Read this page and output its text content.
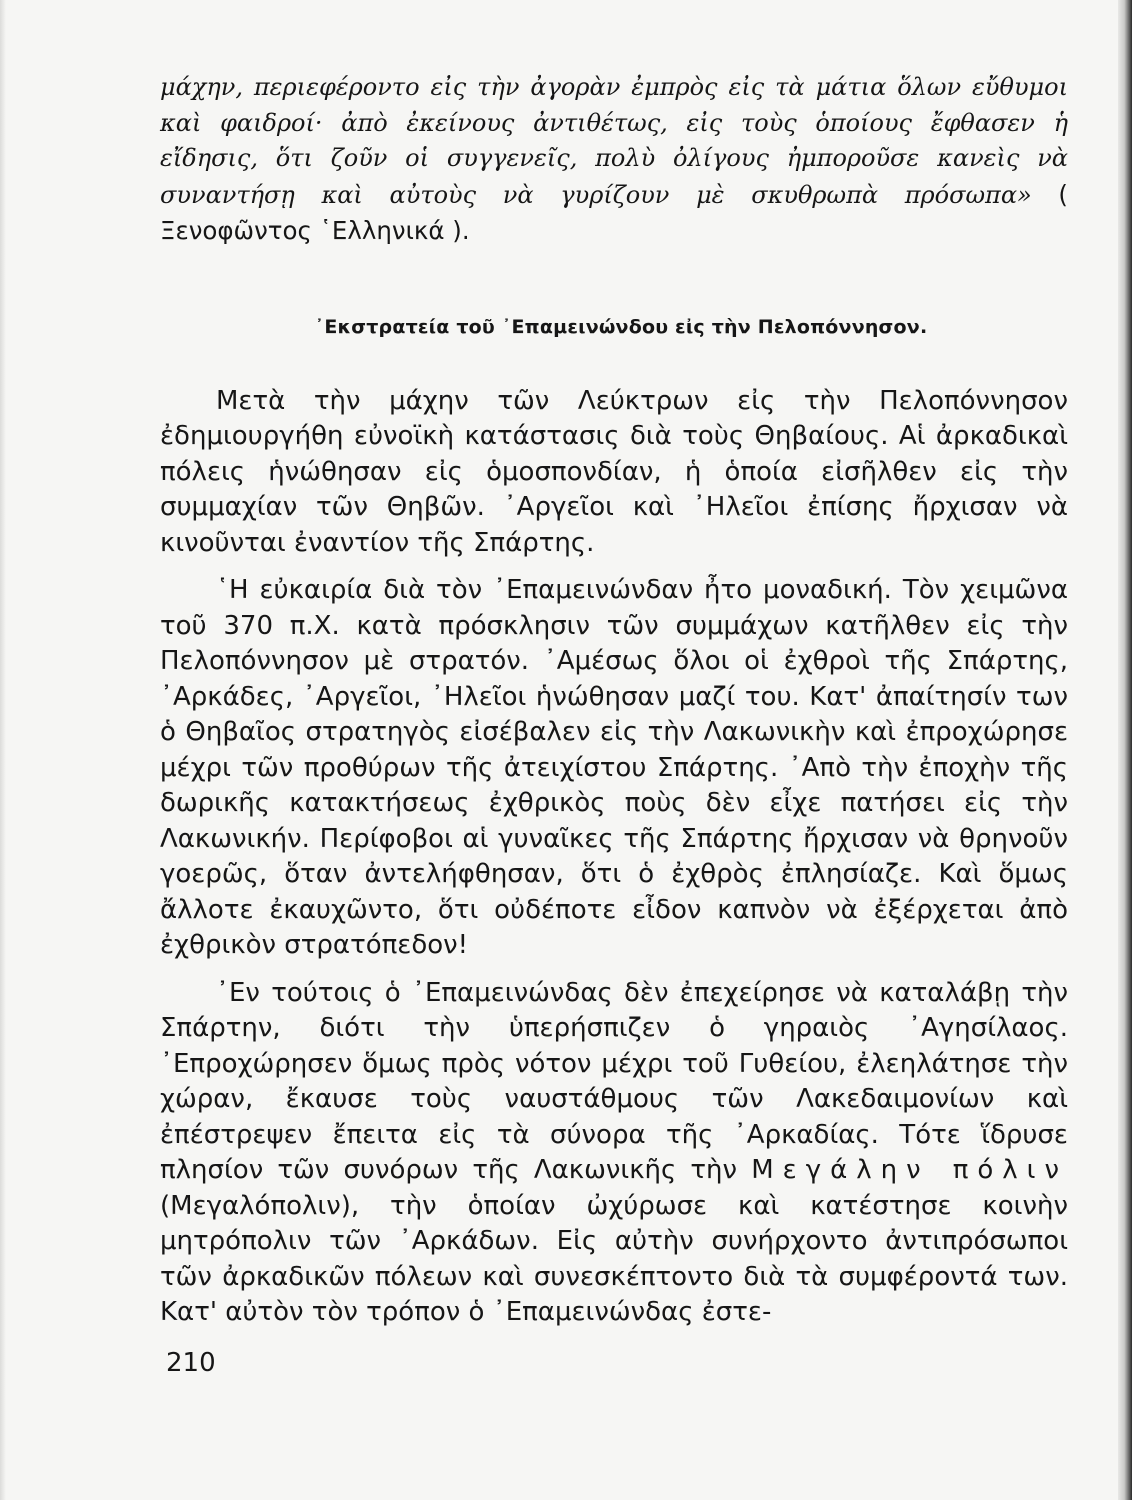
μάχην, περιεφέροντο εἰς τὴν ἀγορὰν ἐμπρὸς εἰς τὰ μάτια ὅλων εὔθυμοι καὶ φαιδροί· ἀπὸ ἐκείνους ἀντιθέτως, εἰς τοὺς ὁποίους ἔφθασεν ἡ εἴδησις, ὅτι ζοῦν οἱ συγγενεῖς, πολὺ ὀλίγους ἠμποροῦσε κανεὶς νὰ συναντήσῃ καὶ αὐτοὺς νὰ γυρίζουν μὲ σκυθρωπὰ πρόσωπα» ( Ξενοφῶντος ῾Ελληνικά ).

᾽Εκστρατεία τοῦ ᾽Επαμεινώνδου εἰς τὴν Πελοπόννησον.

Μετὰ τὴν μάχην τῶν Λεύκτρων εἰς τὴν Πελοπόννησον ἐδημιουργήθη εὐνοϊκὴ κατάστασις διὰ τοὺς Θηβαίους. Αἱ ἀρκαδικαὶ πόλεις ἡνώθησαν εἰς ὁμοσπονδίαν, ἡ ὁποία εἰσῆλθεν εἰς τὴν συμμαχίαν τῶν Θηβῶν. ᾽Αργεῖοι καὶ ᾽Ηλεῖοι ἐπίσης ἤρχισαν νὰ κινοῦνται ἐναντίον τῆς Σπάρτης.

῾Η εὐκαιρία διὰ τὸν ᾽Επαμεινώνδαν ἦτο μοναδική. Τὸν χειμῶνα τοῦ 370 π.Χ. κατὰ πρόσκλησιν τῶν συμμάχων κατῆλθεν εἰς τὴν Πελοπόννησον μὲ στρατόν. ᾽Αμέσως ὅλοι οἱ ἐχθροὶ τῆς Σπάρτης, ᾽Αρκάδες, ᾽Αργεῖοι, ᾽Ηλεῖοι ἡνώθησαν μαζί του. Κατ' ἀπαίτησίν των ὁ Θηβαῖος στρατηγὸς εἰσέβαλεν εἰς τὴν Λακωνικὴν καὶ ἐπροχώρησε μέχρι τῶν προθύρων τῆς ἀτειχίστου Σπάρτης. ᾽Απὸ τὴν ἐποχὴν τῆς δωρικῆς κατακτήσεως ἐχθρικὸς ποὺς δὲν εἶχε πατήσει εἰς τὴν Λακωνικήν. Περίφοβοι αἱ γυναῖκες τῆς Σπάρτης ἤρχισαν νὰ θρηνοῦν γοερῶς, ὅταν ἀντελήφθησαν, ὅτι ὁ ἐχθρὸς ἐπλησίαζε. Καὶ ὅμως ἄλλοτε ἐκαυχῶντο, ὅτι οὐδέποτε εἶδον καπνὸν νὰ ἐξέρχεται ἀπὸ ἐχθρικὸν στρατόπεδον!

᾽Εν τούτοις ὁ ᾽Επαμεινώνδας δὲν ἐπεχείρησε νὰ καταλάβῃ τὴν Σπάρτην, διότι τὴν ὑπερήσπιζεν ὁ γηραιὸς ᾽Αγησίλαος. ᾽Επροχώρησεν ὅμως πρὸς νότον μέχρι τοῦ Γυθείου, ἐλεηλάτησε τὴν χώραν, ἔκαυσε τοὺς ναυστάθμους τῶν Λακεδαιμονίων καὶ ἐπέστρεψεν ἔπειτα εἰς τὰ σύνορα τῆς ᾽Αρκαδίας. Τότε ἵδρυσε πλησίον τῶν συνόρων τῆς Λακωνικῆς τὴν Μεγάλην πόλιν (Μεγαλόπολιν), τὴν ὁποίαν ὠχύρωσε καὶ κατέστησε κοινὴν μητρόπολιν τῶν ᾽Αρκάδων. Εἰς αὐτὴν συνήρχοντο ἀντιπρόσωποι τῶν ἀρκαδικῶν πόλεων καὶ συνεσκέπτοντο διὰ τὰ συμφέροντά των. Κατ' αὐτὸν τὸν τρόπον ὁ ᾽Επαμεινώνδας ἐστε-

210
